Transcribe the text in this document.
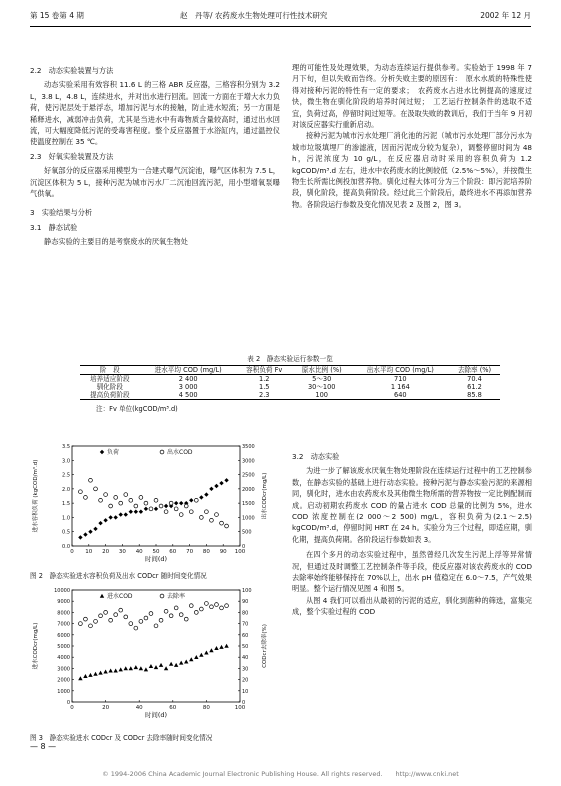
第 15 卷第 4 期	赵　丹等/ 农药废水生物处理可行性技术研究	2002 年 12 月
2.2　动态实验装置与方法

动态实验采用有效容积 11.6 L 的三格 ABR 反应器，三格容积分别为 3.2 L，3.8 L，4.8 L，连续进水，并对出水进行回流。回流一方面在于增大水力负荷，使污泥层处于悬浮态，增加污泥与水的接触，防止进水短流；另一方面是稀释进水，减弱冲击负荷，尤其是当进水中有毒物质含量较高时，通过出水回流，可大幅度降低污泥的受毒害程度。整个反应器置于水浴缸内，通过温控仪使温度控制在 35 ℃。

2.3　好氧实验装置及方法

好氧部分的反应器采用模型为一合建式曝气沉淀池，曝气区体积为 7.5 L，沉淀区体积为 5 L，接种污泥为城市污水厂二沉池回流污泥，用小型增氧泵曝气供氧。

3　实验结果与分析
3.1　静态试验

静态实验的主要目的是考察废水的厌氧生物处

理的可能性及处理效果，为动态连续运行提供参考。实验始于 1998 年 7 月下旬，但以失败而告终。分析失败主要的原因有：　原水水质的特殊性使得对接种污泥的特性有一定的要求；　农药废水占进水比例提高的速度过快，微生物在驯化阶段的培养时间过短；　工艺运行控制条件的选取不适宜，负荷过高，停留时间过短等。在汲取失败的教训后，我们于当年 9 月初对该反应器实行重新启动。

接种污泥为城市污水处理厂消化池的污泥（城市污水处理厂部分污水为城市垃圾填埋厂的渗滤液，因而污泥成分较为复杂），调整停留时间为 48 h，污泥浓度为 10 g/L，在反应器启动时采用的容积负荷为 1.2 kgCOD/m³.d 左右，进水中农药废水的比例较低（2.5%～5%），并按微生物生长所需比例投加营养物。驯化过程大体可分为三个阶段：即污泥培养阶段，驯化阶段，提高负荷阶段。经过此三个阶段后，最终进水不再添加营养物。各阶段运行参数及变化情况见表 2 及图 2，图 3。

表 2　静态实验运行参数一览
阶　段	进水平均 COD (mg/L)	容积负荷 Fv	原水比例 (%)	出水平均 COD (mg/L)	去除率 (%)
培养适应阶段	2 400	1.2	5～30	710	70.4
驯化阶段	3 000	1.5	30～100	1 164	61.2
提高负荷阶段	4 500	2.3	100	640	85.8
注：Fv 单位(kgCOD/m³.d)
0 10 20 30 40 50 60 70 80 90 100
0.0
0.5
1.0
1.5
2.0
2.5
3.0
3.5
0
500
1000
1500
2000
2500
3000
3500
时间(d)
进水容积负荷 (kgCOD/m³.d)	出水CODcr(mg/L)
负荷	出水COD
图 2　静态实验进水容积负荷及出水 CODcr 随时间变化情况
0	20	40	60	80	100
0
1000
2000
3000
4000
5000
6000
7000
8000
9000
10000
0
10
20
30
40
50
60
70
80
90
100
时间(d)
进水CODcr(mg/L)	CODcr去除率(%)
进水COD	去除率
图 3　静态实验进水 CODcr 及 CODcr 去除率随时间变化情况
3.2　动态实验

为进一步了解该废水厌氧生物处理阶段在连续运行过程中的工艺控制参数，在静态实验的基础上进行动态实验。接种污泥与静态实验污泥的来源相同，驯化时，进水由农药废水及其他微生物所需的营养物按一定比例配制而成。启动初期农药废水 COD 的量占进水 COD 总量的比例为 5%，进水 COD 浓度控制在(2 000～2 500) mg/L，容积负荷为(2.1～2.5) kgCOD/m³.d，停留时间 HRT 在 24 h。实验分为三个过程，即适应期，驯化期，提高负荷期。各阶段运行参数如表 3。

在四个多月的动态实验过程中，虽然曾经几次发生污泥上浮等异常情况，但通过及时调整工艺控制条件等手段，使反应器对该农药废水的 COD 去除率始终能够保持在 70%以上，出水 pH 值稳定在 6.0～7.5，产气效果明显。整个运行情况见图 4 和图 5。

从图 4 我们可以看出从最初的污泥的适应，驯化到菌种的筛选，富集完成，整个实验过程的 COD

— 8 —
© 1994-2006 China Academic Journal Electronic Publishing House. All rights reserved.　　http://www.cnki.net
